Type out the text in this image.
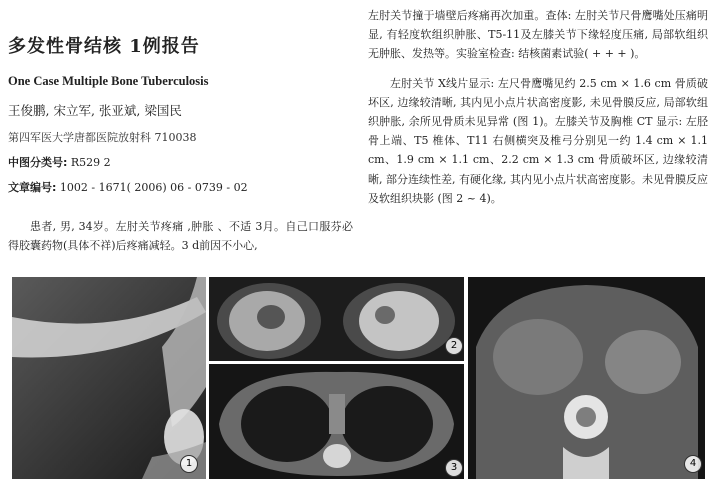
多发性骨结核 1例报告
One Case Multiple Bone Tuberculosis
王俊鹏, 宋立军, 张亚斌, 梁国民
第四军医大学唐都医院放射科 710038
中图分类号: R529 2
文章编号: 1002 - 1671( 2006) 06 - 0739 - 02

患者, 男, 34岁。左肘关节疼痛 ,肿胀 、不适 3月。自己口服芬必得胶囊药物(具体不祥)后疼痛减轻。3 d前因不小心,

左肘关节撞于墙壁后疼痛再次加重。查体: 左肘关节尺骨鹰嘴处压痛明显, 有轻度软组织肿胀、T5-11及左膝关节下缘轻度压痛, 局部软组织无肿胀、发热等。实验室检查: 结核菌素试验( + + + )。

左肘关节 X线片显示: 左尺骨鹰嘴见约 2.5 cm × 1.6 cm 骨质破坏区, 边缘较清晰, 其内见小点片状高密度影, 未见骨膜反应, 局部软组织肿胀, 余所见骨质未见异常 (图 1)。左膝关节及胸椎 CT 显示: 左胫骨上端、T5 椎体、T11 右侧横突及椎弓分别见一约 1.4 cm × 1.1 cm、1.9 cm × 1.1 cm、2.2 cm × 1.3 cm 骨质破坏区, 边缘较清晰, 部分连续性差, 有硬化缘, 其内见小点片状高密度影。未见骨膜反应及软组织块影 (图 2 ~ 4)。

1
2
3	4
